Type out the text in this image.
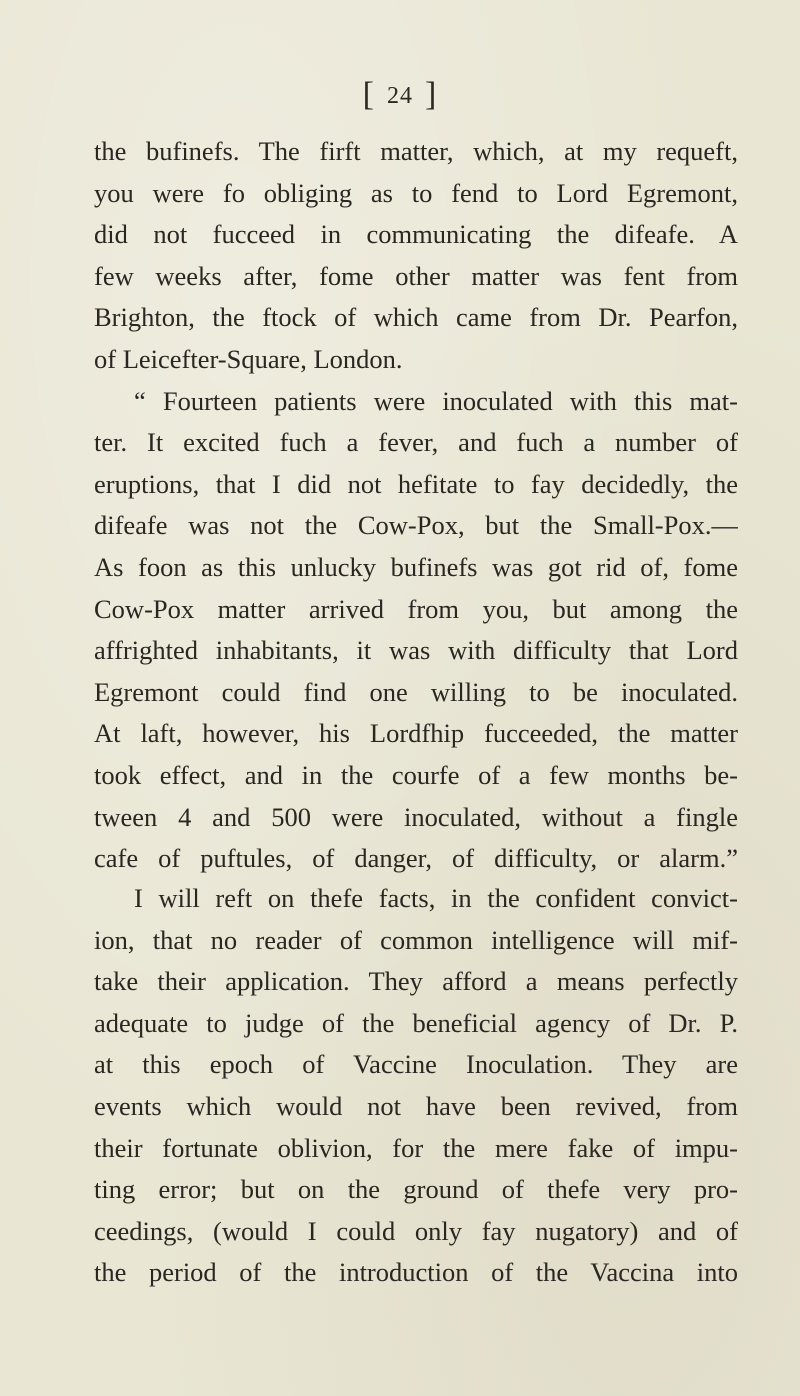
[ 24 ]
the bufinefs. The firft matter, which, at my requeft,
you were fo obliging as to fend to Lord Egremont,
did not fucceed in communicating the difeafe. A
few weeks after, fome other matter was fent from
Brighton, the ftock of which came from Dr. Pearfon,
of Leicefter-Square, London.
“ Fourteen patients were inoculated with this mat-
ter. It excited fuch a fever, and fuch a number of
eruptions, that I did not hefitate to fay decidedly, the
difeafe was not the Cow-Pox, but the Small-Pox.—
As foon as this unlucky bufinefs was got rid of, fome
Cow-Pox matter arrived from you, but among the
affrighted inhabitants, it was with difficulty that Lord
Egremont could find one willing to be inoculated.
At laft, however, his Lordfhip fucceeded, the matter
took effect, and in the courfe of a few months be-
tween 4 and 500 were inoculated, without a fingle
cafe of puftules, of danger, of difficulty, or alarm.”
I will reft on thefe facts, in the confident convict-
ion, that no reader of common intelligence will mif-
take their application. They afford a means perfectly
adequate to judge of the beneficial agency of Dr. P.
at this epoch of Vaccine Inoculation. They are
events which would not have been revived, from
their fortunate oblivion, for the mere fake of impu-
ting error; but on the ground of thefe very pro-
ceedings, (would I could only fay nugatory) and of
the period of the introduction of the Vaccina into
